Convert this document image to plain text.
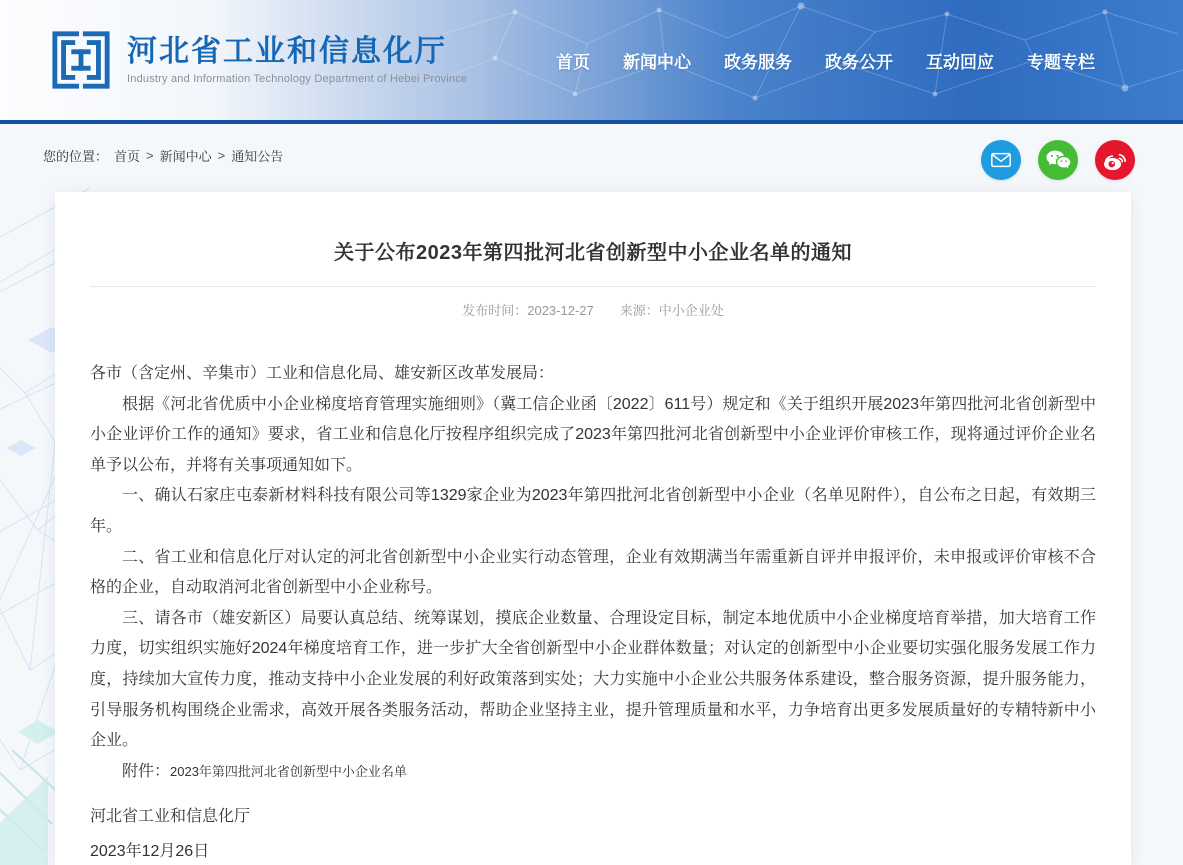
河北省工业和信息化厅
Industry and Information Technology Department of Hebei Province
首页 新闻中心 政务服务 政务公开 互动回应 专题专栏
您的位置： 首页 > 新闻中心 > 通知公告
关于公布2023年第四批河北省创新型中小企业名单的通知
发布时间：2023-12-27 来源：中小企业处

各市（含定州、辛集市）工业和信息化局、雄安新区改革发展局：

根据《河北省优质中小企业梯度培育管理实施细则》（冀工信企业函〔2022〕611号）规定和《关于组织开展2023年第四批河北省创新型中小企业评价工作的通知》要求，省工业和信息化厅按程序组织完成了2023年第四批河北省创新型中小企业评价审核工作，现将通过评价企业名单予以公布，并将有关事项通知如下。

一、确认石家庄屯泰新材料科技有限公司等1329家企业为2023年第四批河北省创新型中小企业（名单见附件），自公布之日起，有效期三年。

二、省工业和信息化厅对认定的河北省创新型中小企业实行动态管理，企业有效期满当年需重新自评并申报评价，未申报或评价审核不合格的企业，自动取消河北省创新型中小企业称号。

三、请各市（雄安新区）局要认真总结、统筹谋划，摸底企业数量、合理设定目标，制定本地优质中小企业梯度培育举措，加大培育工作力度，切实组织实施好2024年梯度培育工作，进一步扩大全省创新型中小企业群体数量；对认定的创新型中小企业要切实强化服务发展工作力度，持续加大宣传力度，推动支持中小企业发展的利好政策落到实处；大力实施中小企业公共服务体系建设，整合服务资源，提升服务能力，引导服务机构围绕企业需求，高效开展各类服务活动，帮助企业坚持主业，提升管理质量和水平，力争培育出更多发展质量好的专精特新中小企业。

附件：2023年第四批河北省创新型中小企业名单

河北省工业和信息化厅

2023年12月26日
